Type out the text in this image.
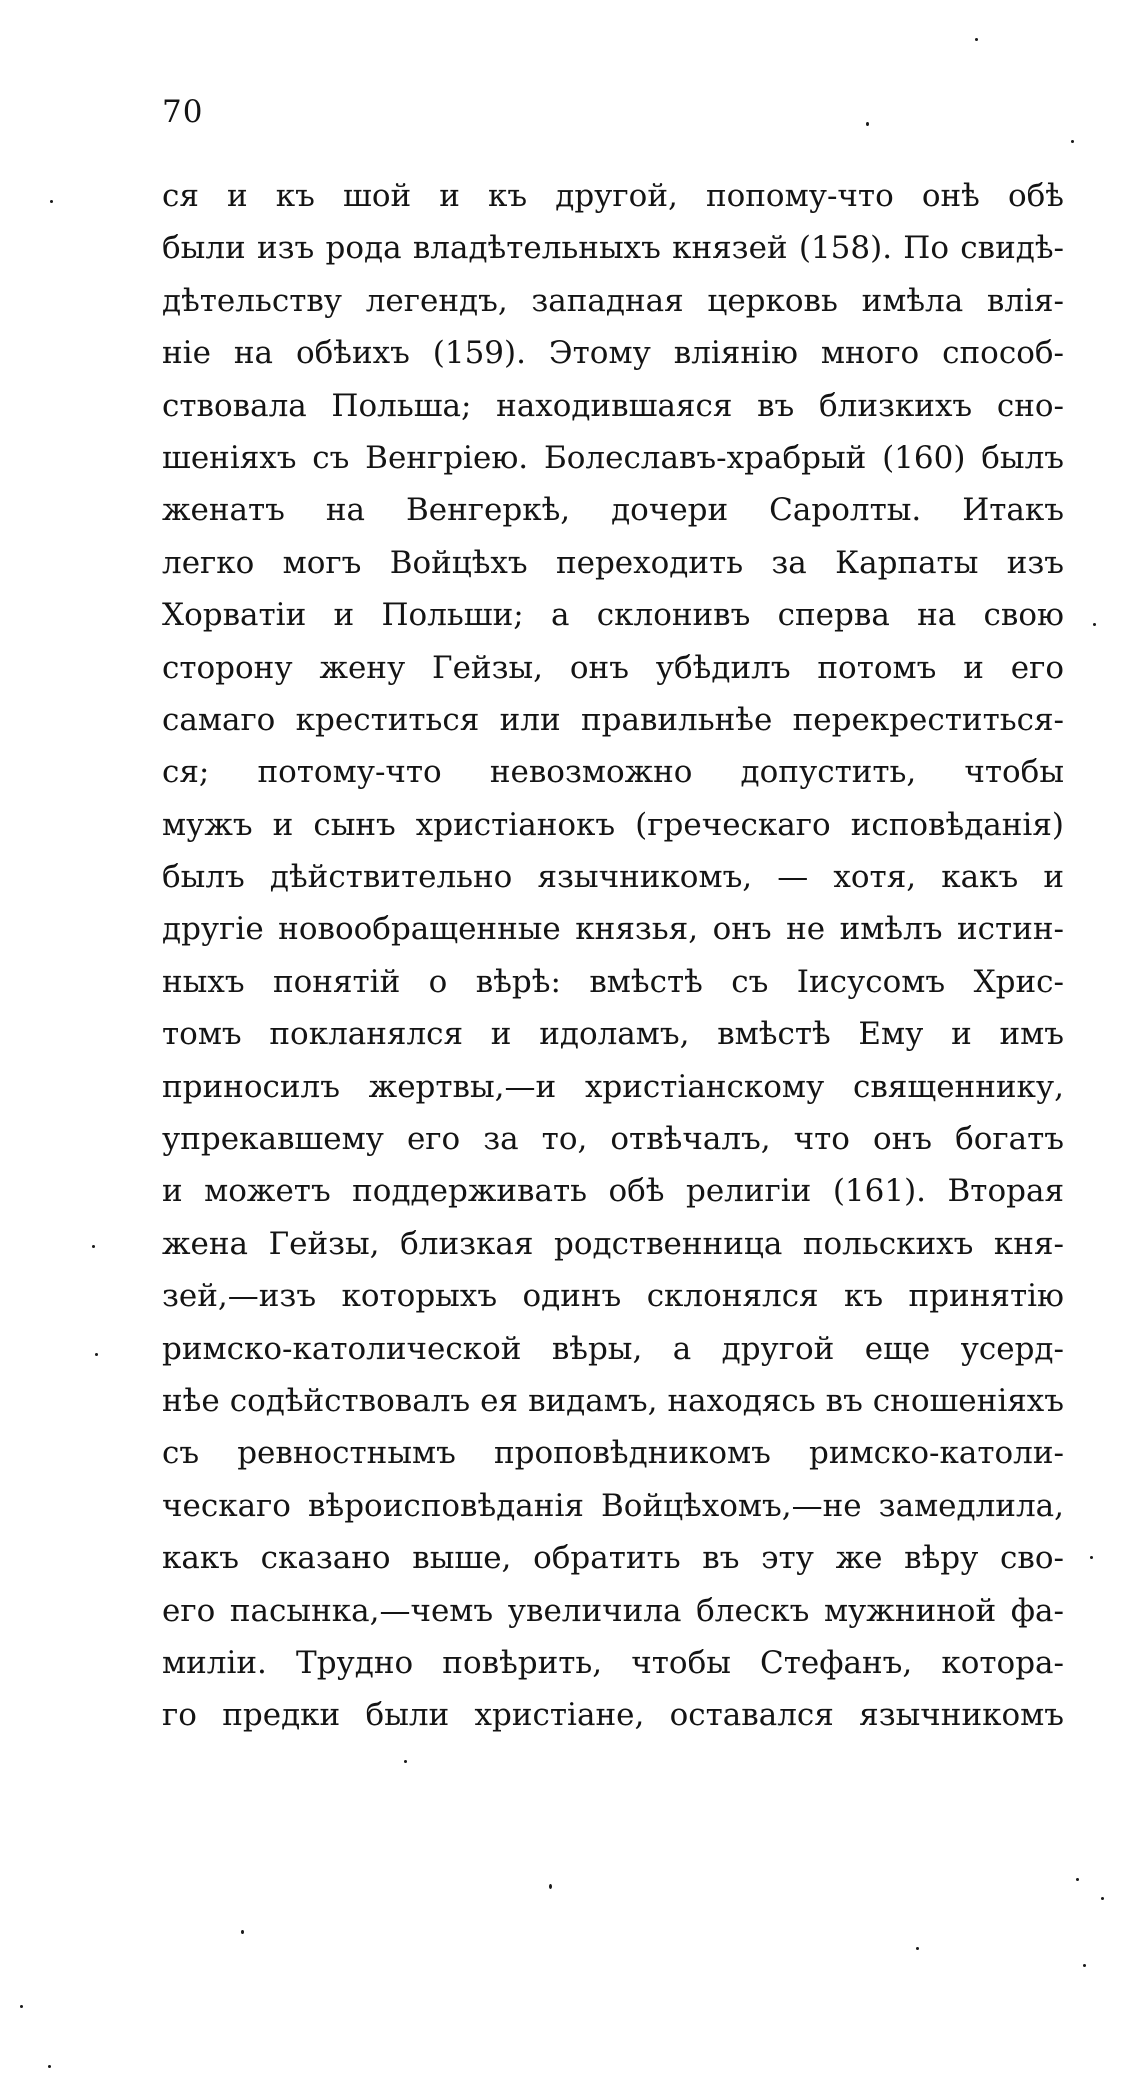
70
ся и къ шой и къ другой, попому-что онѣ обѣ
были изъ рода владѣтельныхъ князей (158). По свидѣ-
дѣтельству легендъ, западная церковь имѣла влія-
ніе на обѣихъ (159). Этому вліянію много способ-
ствовала Польша; находившаяся въ близкихъ сно-
шеніяхъ съ Венгріею. Болеславъ-храбрый (160) былъ
женатъ на Венгеркѣ, дочери Саролты. Итакъ
легко могъ Войцѣхъ переходить за Карпаты изъ
Хорватіи и Польши; а склонивъ сперва на свою
сторону жену Гейзы, онъ убѣдилъ потомъ и его
самаго креститься или правильнѣе перекреститься-
ся; потому-что невозможно допустить, чтобы
мужъ и сынъ христіанокъ (греческаго исповѣданія)
былъ дѣйствительно язычникомъ, — хотя, какъ и
другіе новообращенные князья, онъ не имѣлъ истин-
ныхъ понятій о вѣрѣ: вмѣстѣ съ Іисусомъ Хрис-
томъ покланялся и идоламъ, вмѣстѣ Ему и имъ
приносилъ жертвы,—и христіанскому священнику,
упрекавшему его за то, отвѣчалъ, что онъ богатъ
и можетъ поддерживать обѣ религіи (161). Вторая
жена Гейзы, близкая родственница польскихъ кня-
зей,—изъ которыхъ одинъ склонялся къ принятію
римско-католической вѣры, а другой еще усерд-
нѣе содѣйствовалъ ея видамъ, находясь въ сношеніяхъ
съ ревностнымъ проповѣдникомъ римско-католи-
ческаго вѣроисповѣданія Войцѣхомъ,—не замедлила,
какъ сказано выше, обратить въ эту же вѣру сво-
его пасынка,—чемъ увеличила блескъ мужниной фа-
миліи. Трудно повѣрить, чтобы Стефанъ, котора-
го предки были христіане, оставался язычникомъ
